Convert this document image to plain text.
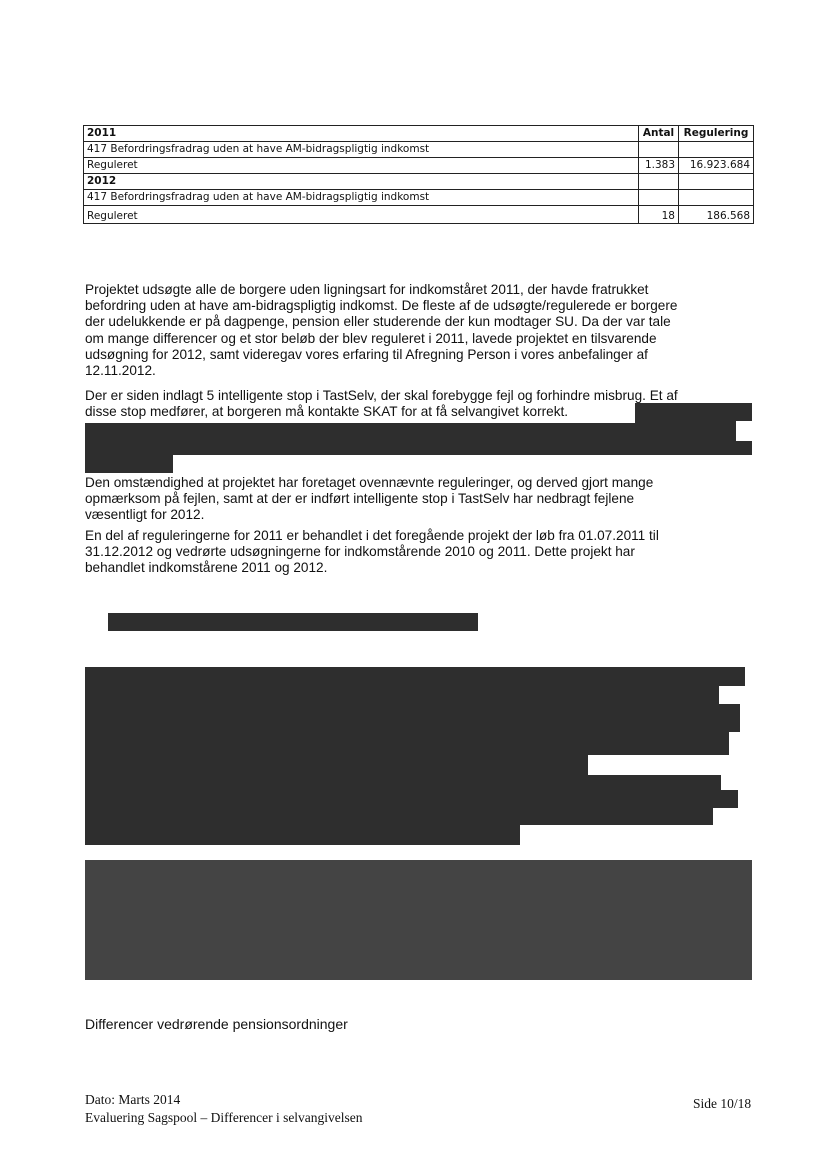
2011	Antal	Regulering
417 Befordringsfradrag uden at have AM-bidragspligtig indkomst		
Reguleret	1.383	16.923.684
2012		
417 Befordringsfradrag uden at have AM-bidragspligtig indkomst		
Reguleret	18	186.568

Projektet udsøgte alle de borgere uden ligningsart for indkomståret 2011, der havde fratrukket

befordring uden at have am-bidragspligtig indkomst. De fleste af de udsøgte/regulerede er borgere

der udelukkende er på dagpenge, pension eller studerende der kun modtager SU. Da der var tale

om mange differencer og et stor beløb der blev reguleret i 2011, lavede projektet en tilsvarende

udsøgning for 2012, samt videregav vores erfaring til Afregning Person i vores anbefalinger af

12.11.2012.

Der er siden indlagt 5 intelligente stop i TastSelv, der skal forebygge fejl og forhindre misbrug. Et af

disse stop medfører, at borgeren må kontakte SKAT for at få selvangivet korrekt.

Den omstændighed at projektet har foretaget ovennævnte reguleringer, og derved gjort mange

opmærksom på fejlen, samt at der er indført intelligente stop i TastSelv har nedbragt fejlene

væsentligt for 2012.

En del af reguleringerne for 2011 er behandlet i det foregående projekt der løb fra 01.07.2011 til

31.12.2012 og vedrørte udsøgningerne for indkomstårende 2010 og 2011. Dette projekt har

behandlet indkomstårene 2011 og 2012.

Differencer vedrørende pensionsordninger
Dato: Marts 2014
Evaluering Sagspool – Differencer i selvangivelsen
Side 10/18
